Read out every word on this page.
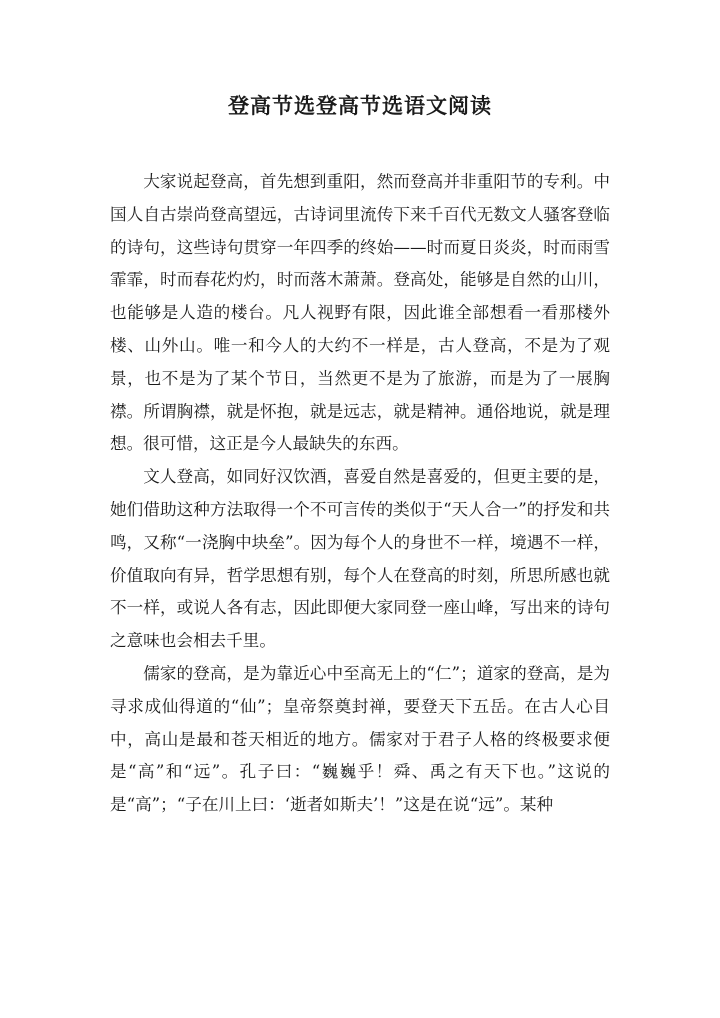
登高节选登高节选语文阅读

大家说起登高，首先想到重阳，然而登高并非重阳节的专利。中国人自古崇尚登高望远，古诗词里流传下来千百代无数文人骚客登临的诗句，这些诗句贯穿一年四季的终始——时而夏日炎炎，时而雨雪霏霏，时而春花灼灼，时而落木萧萧。登高处，能够是自然的山川，也能够是人造的楼台。凡人视野有限，因此谁全部想看一看那楼外楼、山外山。唯一和今人的大约不一样是，古人登高，不是为了观景，也不是为了某个节日，当然更不是为了旅游，而是为了一展胸襟。所谓胸襟，就是怀抱，就是远志，就是精神。通俗地说，就是理想。很可惜，这正是今人最缺失的东西。

文人登高，如同好汉饮酒，喜爱自然是喜爱的，但更主要的是，她们借助这种方法取得一个不可言传的类似于“天人合一”的抒发和共鸣，又称“一浇胸中块垒”。因为每个人的身世不一样，境遇不一样，价值取向有异，哲学思想有别，每个人在登高的时刻，所思所感也就不一样，或说人各有志，因此即便大家同登一座山峰，写出来的诗句之意味也会相去千里。

儒家的登高，是为靠近心中至高无上的“仁”；道家的登高，是为寻求成仙得道的“仙”；皇帝祭奠封禅，要登天下五岳。在古人心目中，高山是最和苍天相近的地方。儒家对于君子人格的终极要求便是“高”和“远”。孔子曰：“巍巍乎！舜、禹之有天下也。”这说的是“高”；“子在川上曰：‘逝者如斯夫’！”这是在说“远”。某种
